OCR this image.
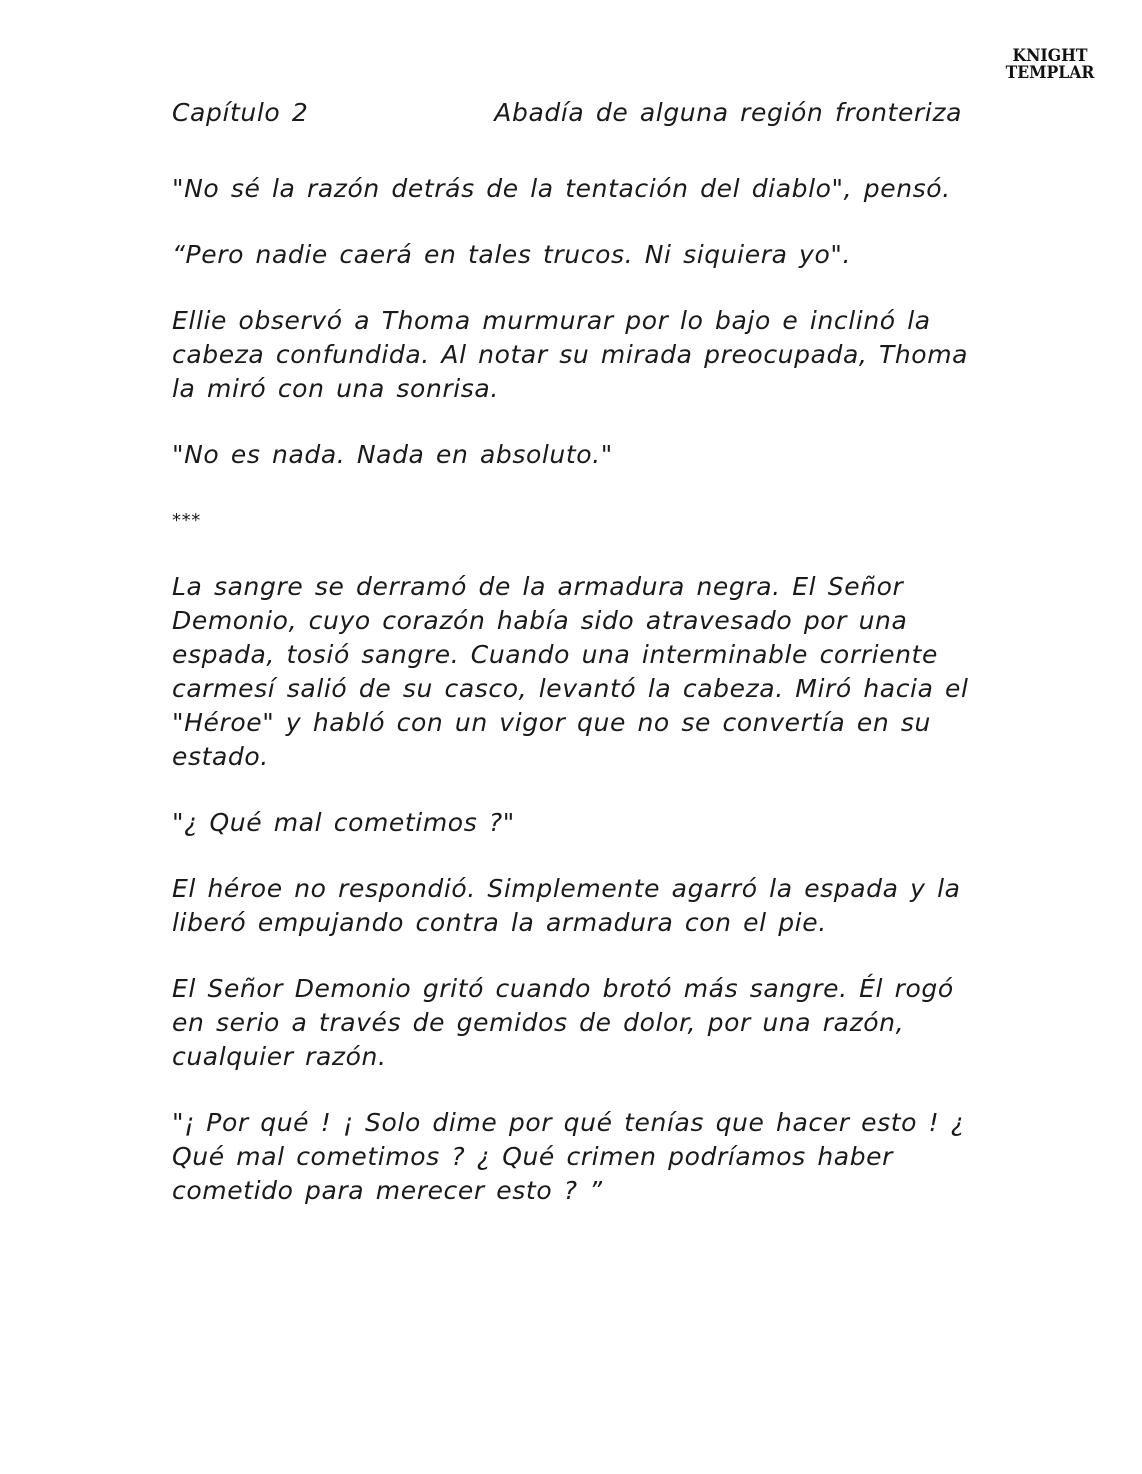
KNIGHT
TEMPLAR
Capítulo 2	Abadía de alguna región fronteriza

"No sé la razón detrás de la tentación del diablo", pensó.

“Pero nadie caerá en tales trucos. Ni siquiera yo".

Ellie observó a Thoma murmurar por lo bajo e inclinó la cabeza confundida. Al notar su mirada preocupada, Thoma la miró con una sonrisa.

"No es nada. Nada en absoluto."

***

La sangre se derramó de la armadura negra. El Señor Demonio, cuyo corazón había sido atravesado por una espada, tosió sangre. Cuando una interminable corriente carmesí salió de su casco, levantó la cabeza. Miró hacia el "Héroe" y habló con un vigor que no se convertía en su estado.

"¿ Qué mal cometimos ?"

El héroe no respondió. Simplemente agarró la espada y la liberó empujando contra la armadura con el pie.

El Señor Demonio gritó cuando brotó más sangre. Él rogó en serio a través de gemidos de dolor, por una razón, cualquier razón.

"¡ Por qué ! ¡ Solo dime por qué tenías que hacer esto ! ¿ Qué mal cometimos ? ¿ Qué crimen podríamos haber cometido para merecer esto ? ”
